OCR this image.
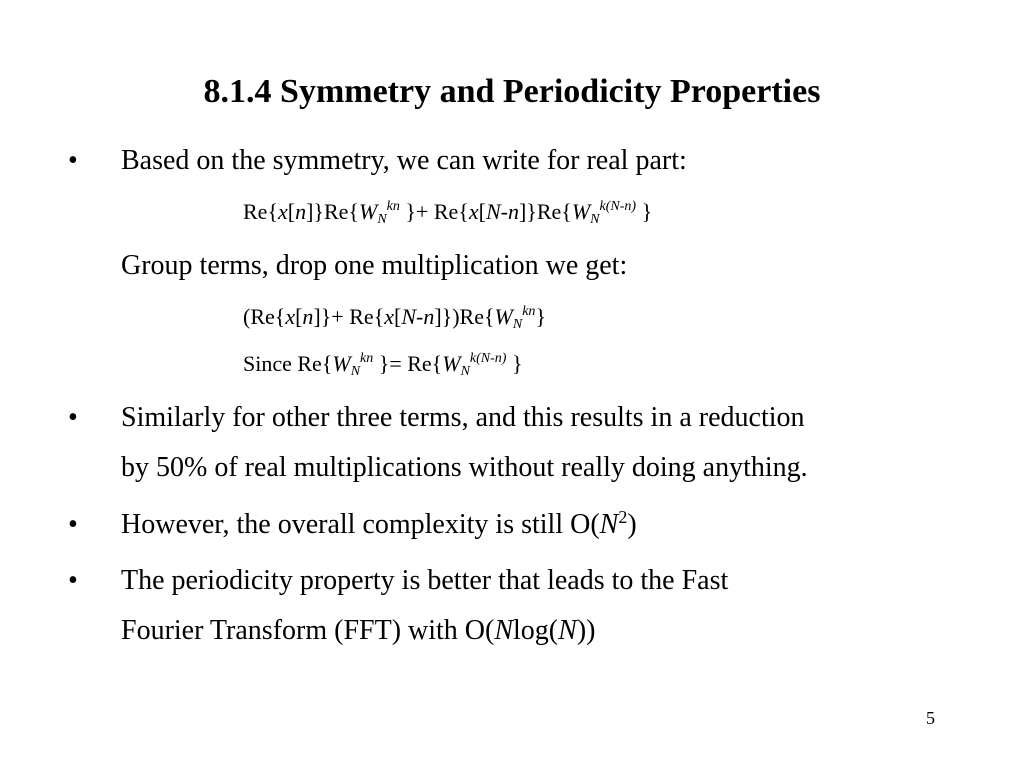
8.1.4 Symmetry and Periodicity Properties
• Based on the symmetry, we can write for real part:
$Re\{x[n]\}Re\{W_N^{kn}$ }+ $Re\{x[N-n]\}Re\{W_N^{k(N-n)}$ }
Group terms, drop one multiplication we get:
$(Re\{x[n]\}+ Re\{x[N-n]\})Re\{W_N^{kn}\}$
Since $Re\{W_N^{kn}$ }= $Re\{W_N^{k(N-n)}$ }
• Similarly for other three terms, and this results in a reduction
by 50% of real multiplications without really doing anything.
• However, the overall complexity is still $O(N^2)$
• The periodicity property is better that leads to the Fast
Fourier Transform (FFT) with O(Nlog(N))
5
